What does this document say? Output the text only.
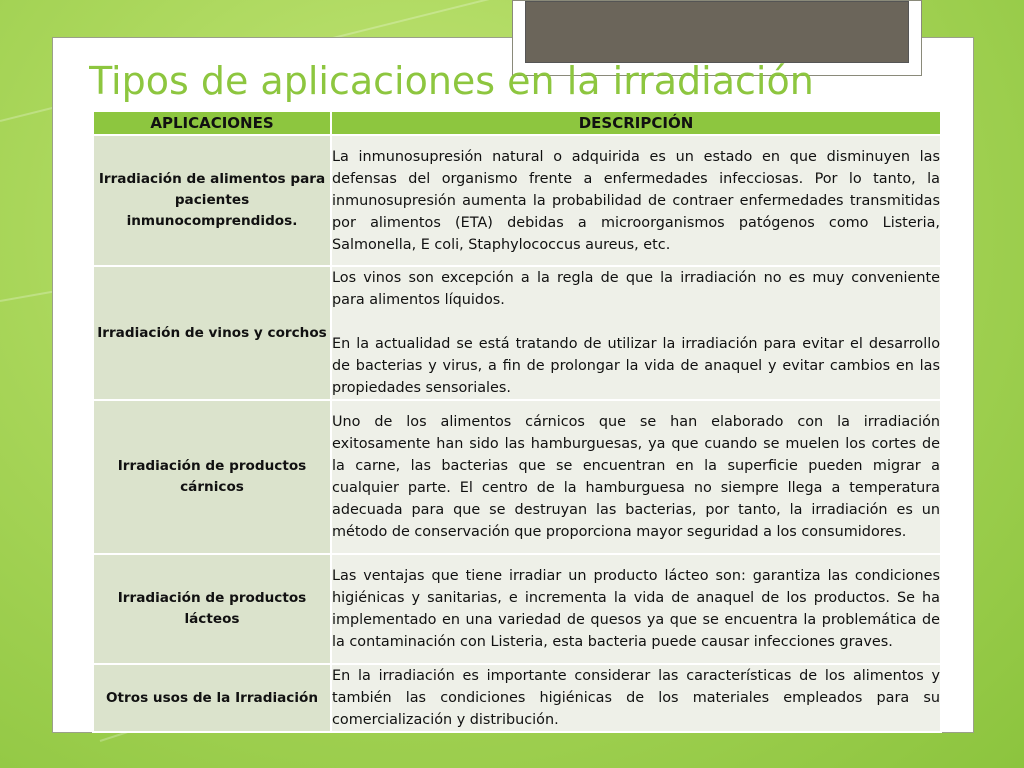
Tipos de aplicaciones en la irradiación
APLICACIONES	DESCRIPCIÓN
Irradiación de alimentos para pacientes inmunocomprendidos.	La inmunosupresión natural o adquirida es un estado en que disminuyen las defensas del organismo frente a enfermedades infecciosas. Por lo tanto, la inmunosupresión aumenta la probabilidad de contraer enfermedades transmitidas por alimentos (ETA) debidas a microorganismos patógenos como Listeria, Salmonella, E coli, Staphylococcus aureus, etc.

Irradiación de vinos y corchos	Los vinos son excepción a la regla de que la irradiación no es muy conveniente para alimentos líquidos.

En la actualidad se está tratando de utilizar la irradiación para evitar el desarrollo de bacterias y virus, a fin de prolongar la vida de anaquel y evitar cambios en las propiedades sensoriales.

Irradiación de productos cárnicos	Uno de los alimentos cárnicos que se han elaborado con la irradiación exitosamente han sido las hamburguesas, ya que cuando se muelen los cortes de la carne, las bacterias que se encuentran en la superficie pueden migrar a cualquier parte. El centro de la hamburguesa no siempre llega a temperatura adecuada para que se destruyan las bacterias, por tanto, la irradiación es un método de conservación que proporciona mayor seguridad a los consumidores.

Irradiación de productos lácteos	Las ventajas que tiene irradiar un producto lácteo son: garantiza las condiciones higiénicas y sanitarias, e incrementa la vida de anaquel de los productos. Se ha implementado en una variedad de quesos ya que se encuentra la problemática de la contaminación con Listeria, esta bacteria puede causar infecciones graves.

Otros usos de la Irradiación	En la irradiación es importante considerar las características de los alimentos y también las condiciones higiénicas de los materiales empleados para su comercialización y distribución.
